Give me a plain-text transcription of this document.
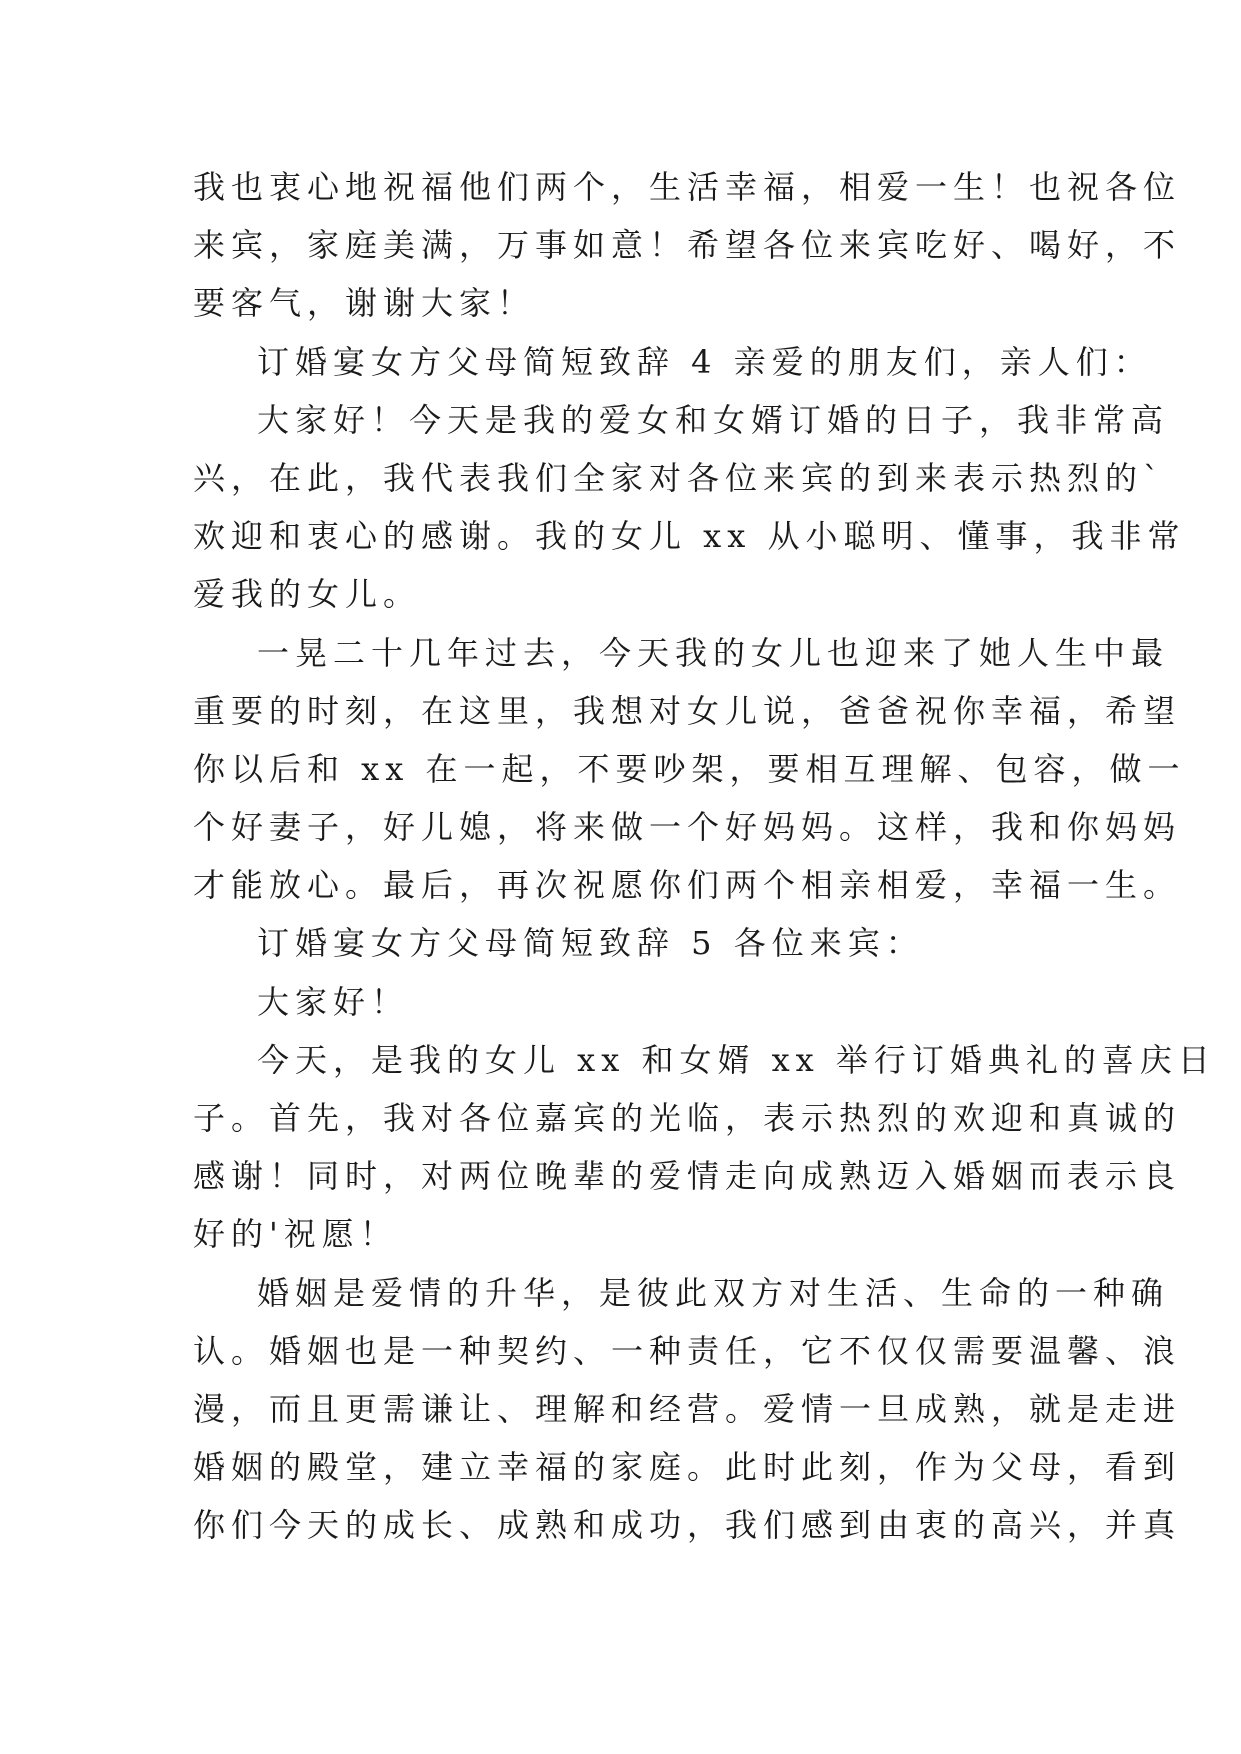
我也衷心地祝福他们两个，生活幸福，相爱一生！也祝各位
来宾，家庭美满，万事如意！希望各位来宾吃好、喝好，不
要客气，谢谢大家！
订婚宴女方父母简短致辞 4 亲爱的朋友们，亲人们：
大家好！今天是我的爱女和女婿订婚的日子，我非常高
兴，在此，我代表我们全家对各位来宾的到来表示热烈的`
欢迎和衷心的感谢。我的女儿 xx 从小聪明、懂事，我非常
爱我的女儿。
一晃二十几年过去，今天我的女儿也迎来了她人生中最
重要的时刻，在这里，我想对女儿说，爸爸祝你幸福，希望
你以后和 xx 在一起，不要吵架，要相互理解、包容，做一
个好妻子，好儿媳，将来做一个好妈妈。这样，我和你妈妈
才能放心。最后，再次祝愿你们两个相亲相爱，幸福一生。
订婚宴女方父母简短致辞 5 各位来宾：
大家好！
今天，是我的女儿 xx 和女婿 xx 举行订婚典礼的喜庆日
子。首先，我对各位嘉宾的光临，表示热烈的欢迎和真诚的
感谢！同时，对两位晚辈的爱情走向成熟迈入婚姻而表示良
好的'祝愿！
婚姻是爱情的升华，是彼此双方对生活、生命的一种确
认。婚姻也是一种契约、一种责任，它不仅仅需要温馨、浪
漫，而且更需谦让、理解和经营。爱情一旦成熟，就是走进
婚姻的殿堂，建立幸福的家庭。此时此刻，作为父母，看到
你们今天的成长、成熟和成功，我们感到由衷的高兴，并真
